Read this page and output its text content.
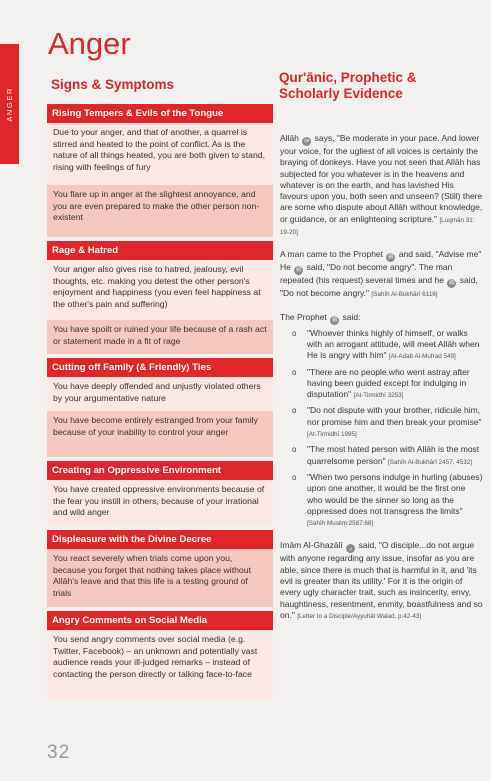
ANGER
Anger
Signs & Symptoms	Qur'ānic, Prophetic & Scholarly Evidence
Rising Tempers & Evils of the Tongue
Due to your anger, and that of another, a quarrel is stirred and heated to the point of conflict. As is the nature of all things heated, you are both given to stand, rising with feelings of fury
You flare up in anger at the slightest annoyance, and you are even prepared to make the other person non-existent
Rage & Hatred
Your anger also gives rise to hatred, jealousy, evil thoughts, etc. making you detest the other person's enjoyment and happiness (you even feel happiness at the other's pain and suffering)
You have spoilt or ruined your life because of a rash act or statement made in a fit of rage
Cutting off Family (& Friendly) Ties
You have deeply offended and unjustly violated others by your argumentative nature
You have become entirely estranged from your family because of your inability to control your anger
Creating an Oppressive Environment
You have created oppressive environments because of the fear you instill in others, because of your irrational and wild anger
Displeasure with the Divine Decree
You react severely when trials come upon you, because you forget that nothing takes place without Allāh's leave and that this life is a testing ground of trials
Angry Comments on Social Media
You send angry comments over social media (e.g. Twitter, Facebook) – an unknown and potentially vast audience reads your ill-judged remarks – instead of contacting the person directly or talking face-to-face

Allāh ﷻ says, "Be moderate in your pace. And lower your voice, for the ugliest of all voices is certainly the braying of donkeys. Have you not seen that Allāh has subjected for you whatever is in the heavens and whatever is on the earth, and has lavished His favours upon you, both seen and unseen? (Still) there are some who dispute about Allāh without knowledge, or guidance, or an enlightening scripture." [Luqmān 31: 19-20]

A man came to the Prophet ﷺ and said, "Advise me" He ﷺ said, "Do not become angry". The man repeated (his request) several times and he ﷺ said, "Do not become angry." [Sahīh Al-Bukhārī 6116]

The Prophet ﷺ said:
o "Whoever thinks highly of himself, or walks with an arrogant attitude, will meet Allāh when He is angry with him" [Al-Adab Al-Mufrad 549]
o "There are no people who went astray after having been guided except for indulging in disputation" [At-Tirmidhī 3253]
o "Do not dispute with your brother, ridicule him, nor promise him and then break your promise" [At-Tirmidhī 1995]
o "The most hated person with Allāh is the most quarrelsome person" [Sahīh Al-Bukhārī 2457, 4532]
o "When two persons indulge in hurling (abuses) upon one another, it would be the first one who would be the sinner so long as the oppressed does not transgress the limits" [Sahīh Muslim 2587:68]

Imām Al-Ghazālī ر said, "O disciple...do not argue with anyone regarding any issue, insofar as you are able, since there is much that is harmful in it, and 'its evil is greater than its utility.' For it is the origin of every ugly character trait, such as insincerity, envy, haughtiness, resentment, enmity, boastfulness and so on." [Letter to a Disciple/Ayyuhāl Walad, p.42-43]

32
